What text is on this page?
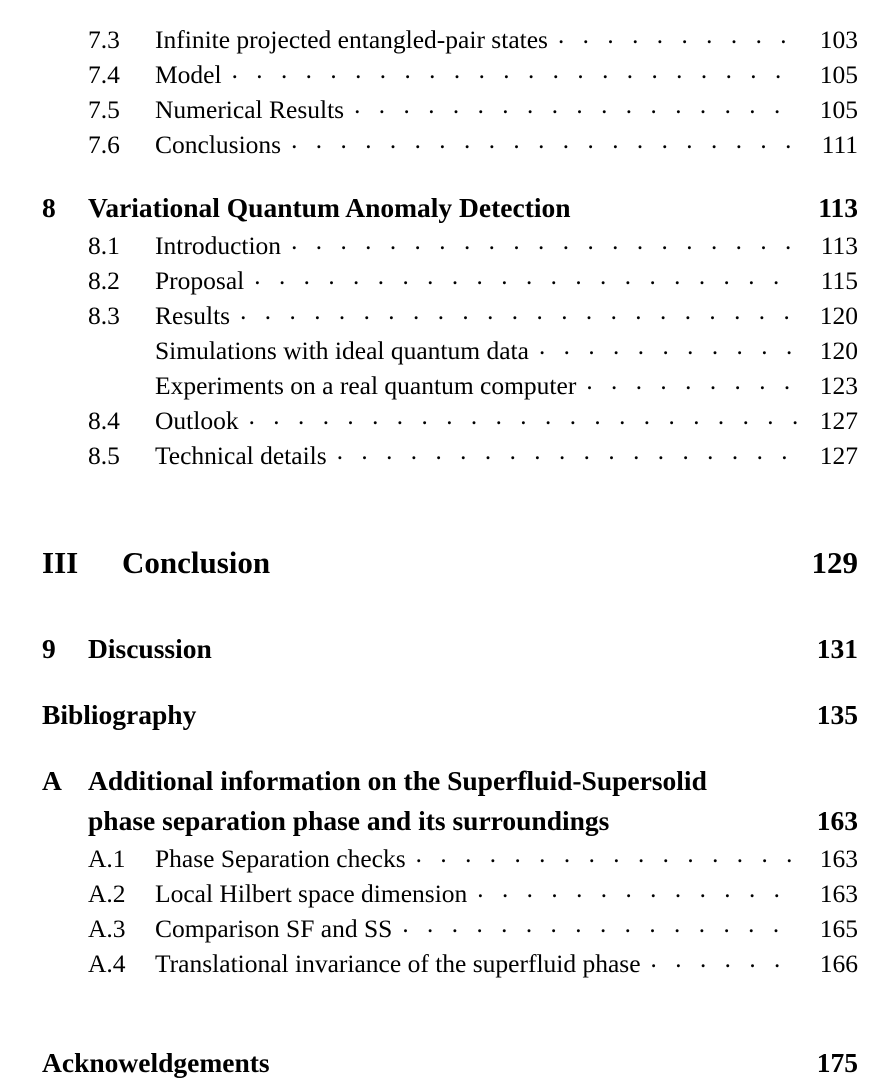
7.3	Infinite projected entangled-pair states . . .	103
7.4	Model . . .	105
7.5	Numerical Results . . .	105
7.6	Conclusions . . .	111
8	Variational Quantum Anomaly Detection	113
8.1	Introduction . . .	113
8.2	Proposal . . .	115
8.3	Results . . .	120
Simulations with ideal quantum data . . .	120
Experiments on a real quantum computer . . .	123
8.4	Outlook . . .	127
8.5	Technical details . . .	127
III	Conclusion	129
9	Discussion	131
Bibliography	135
A Additional information on the Superfluid-Supersolid
phase separation phase and its surroundings	163
A.1	Phase Separation checks . . .	163
A.2	Local Hilbert space dimension . . .	163
A.3	Comparison SF and SS . . .	165
A.4	Translational invariance of the superfluid phase . . .	166
Acknoweldgements	175
